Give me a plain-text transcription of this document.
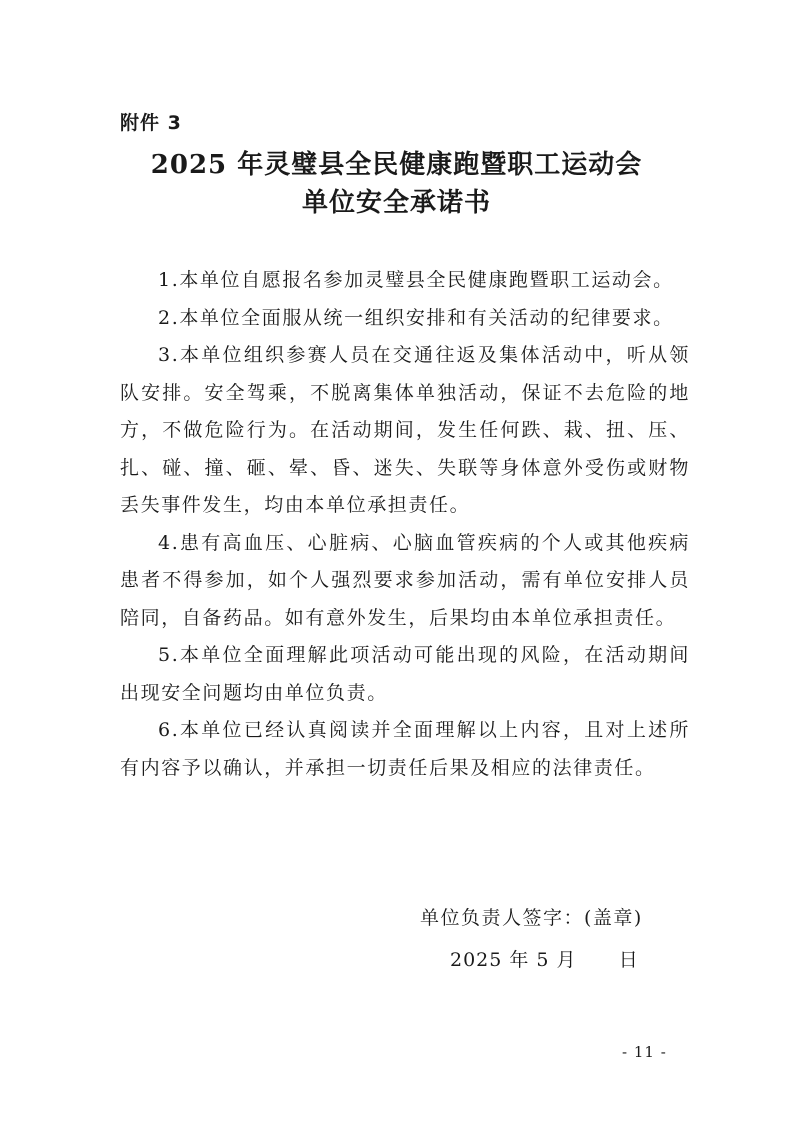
附件 3
2025 年灵璧县全民健康跑暨职工运动会
单位安全承诺书

1.本单位自愿报名参加灵璧县全民健康跑暨职工运动会。

2.本单位全面服从统一组织安排和有关活动的纪律要求。

3.本单位组织参赛人员在交通往返及集体活动中，听从领队安排。安全驾乘，不脱离集体单独活动，保证不去危险的地方，不做危险行为。在活动期间，发生任何跌、栽、扭、压、扎、碰、撞、砸、晕、昏、迷失、失联等身体意外受伤或财物丢失事件发生，均由本单位承担责任。

4.患有高血压、心脏病、心脑血管疾病的个人或其他疾病患者不得参加，如个人强烈要求参加活动，需有单位安排人员陪同，自备药品。如有意外发生，后果均由本单位承担责任。

5.本单位全面理解此项活动可能出现的风险，在活动期间出现安全问题均由单位负责。

6.本单位已经认真阅读并全面理解以上内容，且对上述所有内容予以确认，并承担一切责任后果及相应的法律责任。

单位负责人签字：(盖章)
2025 年 5 月      日
- 11 -
